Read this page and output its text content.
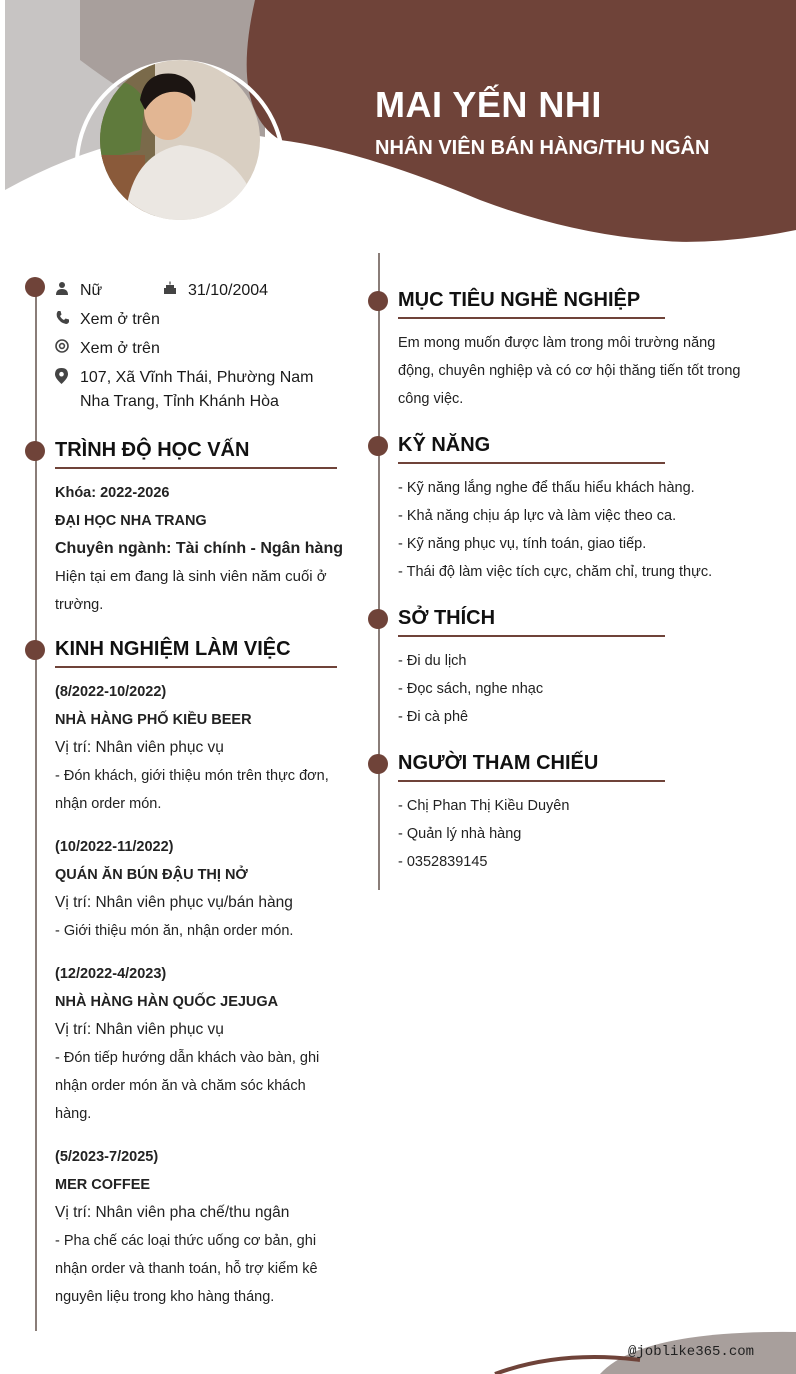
MAI YẾN NHI
NHÂN VIÊN BÁN HÀNG/THU NGÂN
Nữ	31/10/2004
Xem ở trên
Xem ở trên
107, Xã Vĩnh Thái, Phường Nam Nha Trang, Tỉnh Khánh Hòa
TRÌNH ĐỘ HỌC VẤN
Khóa: 2022-2026
ĐẠI HỌC NHA TRANG
Chuyên ngành: Tài chính - Ngân hàng
Hiện tại em đang là sinh viên năm cuối ở
trường.
KINH NGHIỆM LÀM VIỆC
(8/2022-10/2022)
NHÀ HÀNG PHỐ KIỀU BEER
Vị trí: Nhân viên phục vụ
- Đón khách, giới thiệu món trên thực đơn,
nhận order món.
(10/2022-11/2022)
QUÁN ĂN BÚN ĐẬU THỊ NỞ
Vị trí: Nhân viên phục vụ/bán hàng
- Giới thiệu món ăn, nhận order món.
(12/2022-4/2023)
NHÀ HÀNG HÀN QUỐC JEJUGA
Vị trí: Nhân viên phục vụ
- Đón tiếp hướng dẫn khách vào bàn, ghi
nhận order món ăn và chăm sóc khách
hàng.
(5/2023-7/2025)
MER COFFEE
Vị trí: Nhân viên pha chế/thu ngân
- Pha chế các loại thức uống cơ bản, ghi
nhận order và thanh toán, hỗ trợ kiểm kê
nguyên liệu trong kho hàng tháng.
MỤC TIÊU NGHỀ NGHIỆP
Em mong muốn được làm trong môi trường năng
động, chuyên nghiệp và có cơ hội thăng tiến tốt trong
công việc.
KỸ NĂNG
- Kỹ năng lắng nghe để thấu hiểu khách hàng.
- Khả năng chịu áp lực và làm việc theo ca.
- Kỹ năng phục vụ, tính toán, giao tiếp.
- Thái độ làm việc tích cực, chăm chỉ, trung thực.
SỞ THÍCH
- Đi du lịch
- Đọc sách, nghe nhạc
- Đi cà phê
NGƯỜI THAM CHIẾU
- Chị Phan Thị Kiều Duyên
- Quản lý nhà hàng
- 0352839145
@joblike365.com
